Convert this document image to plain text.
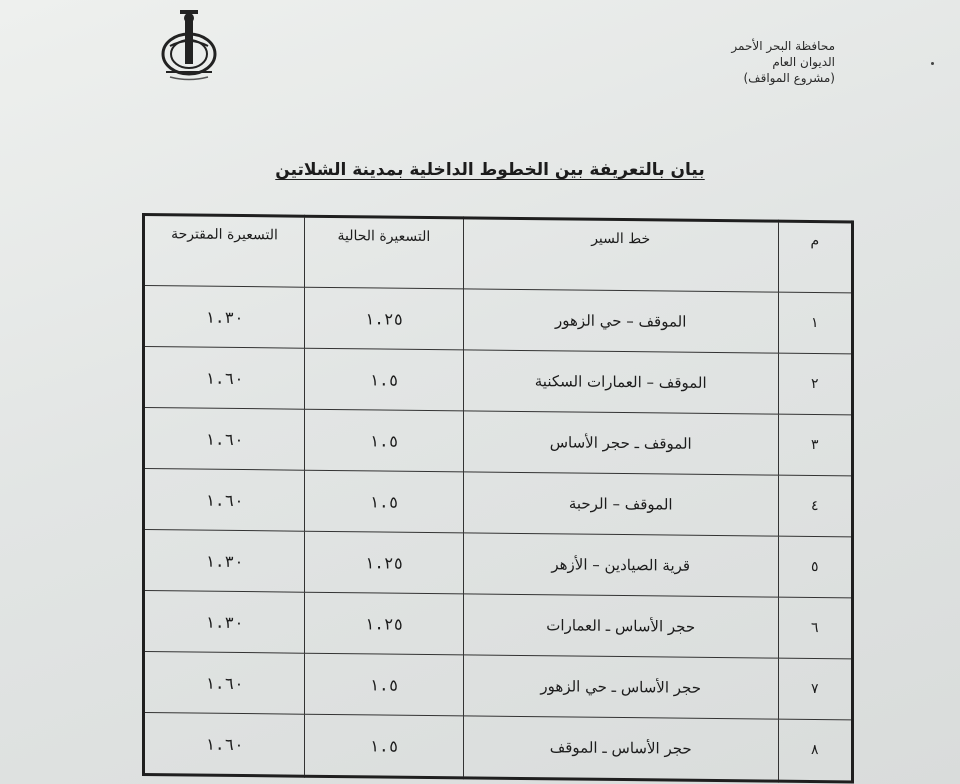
محافظة البحر الأحمر
الديوان العام
(مشروع المواقف)
بيان بالتعريفة بين الخطوط الداخلية بمدينة الشلاتين
م	خط السير	التسعيرة الحالية	التسعيرة المقترحة
١	الموقف – حي الزهور	١.٢٥	١.٣٠
٢	الموقف – العمارات السكنية	١.٥	١.٦٠
٣	الموقف ـ حجر الأساس	١.٥	١.٦٠
٤	الموقف – الرحبة	١.٥	١.٦٠
٥	قرية الصيادين – الأزهر	١.٢٥	١.٣٠
٦	حجر الأساس ـ العمارات	١.٢٥	١.٣٠
٧	حجر الأساس ـ حي الزهور	١.٥	١.٦٠
٨	حجر الأساس ـ الموقف	١.٥	١.٦٠
